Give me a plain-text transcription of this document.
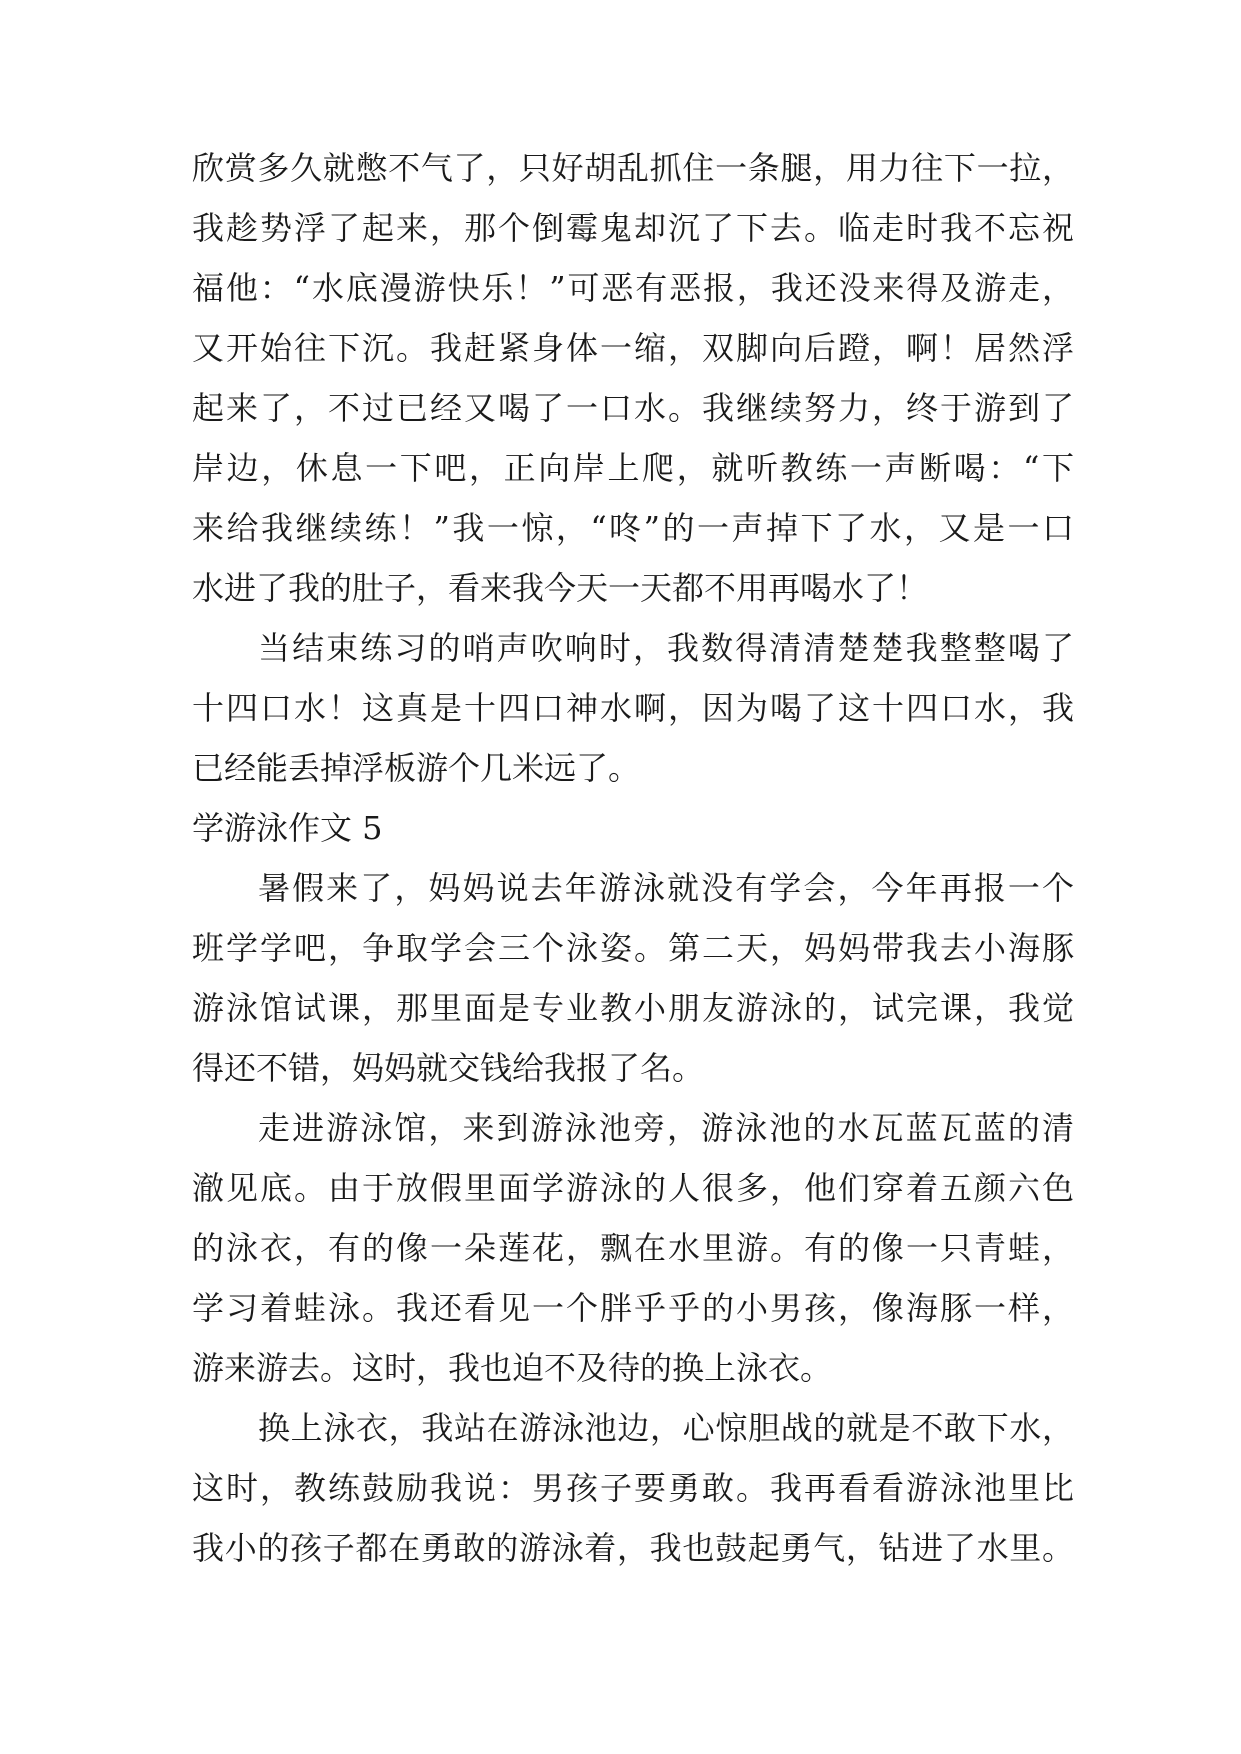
欣赏多久就憋不气了，只好胡乱抓住一条腿，用力往下一拉，
我趁势浮了起来，那个倒霉鬼却沉了下去。临走时我不忘祝
福他：“水底漫游快乐！”可恶有恶报，我还没来得及游走，
又开始往下沉。我赶紧身体一缩，双脚向后蹬，啊！居然浮
起来了，不过已经又喝了一口水。我继续努力，终于游到了
岸边，休息一下吧，正向岸上爬，就听教练一声断喝：“下
来给我继续练！”我一惊，“咚”的一声掉下了水，又是一口
水进了我的肚子，看来我今天一天都不用再喝水了！
当结束练习的哨声吹响时，我数得清清楚楚我整整喝了
十四口水！这真是十四口神水啊，因为喝了这十四口水，我
已经能丢掉浮板游个几米远了。
学游泳作文 5
暑假来了，妈妈说去年游泳就没有学会，今年再报一个
班学学吧，争取学会三个泳姿。第二天，妈妈带我去小海豚
游泳馆试课，那里面是专业教小朋友游泳的，试完课，我觉
得还不错，妈妈就交钱给我报了名。
走进游泳馆，来到游泳池旁，游泳池的水瓦蓝瓦蓝的清
澈见底。由于放假里面学游泳的人很多，他们穿着五颜六色
的泳衣，有的像一朵莲花，飘在水里游。有的像一只青蛙，
学习着蛙泳。我还看见一个胖乎乎的小男孩，像海豚一样，
游来游去。这时，我也迫不及待的换上泳衣。
换上泳衣，我站在游泳池边，心惊胆战的就是不敢下水，
这时，教练鼓励我说：男孩子要勇敢。我再看看游泳池里比
我小的孩子都在勇敢的游泳着，我也鼓起勇气，钻进了水里。
